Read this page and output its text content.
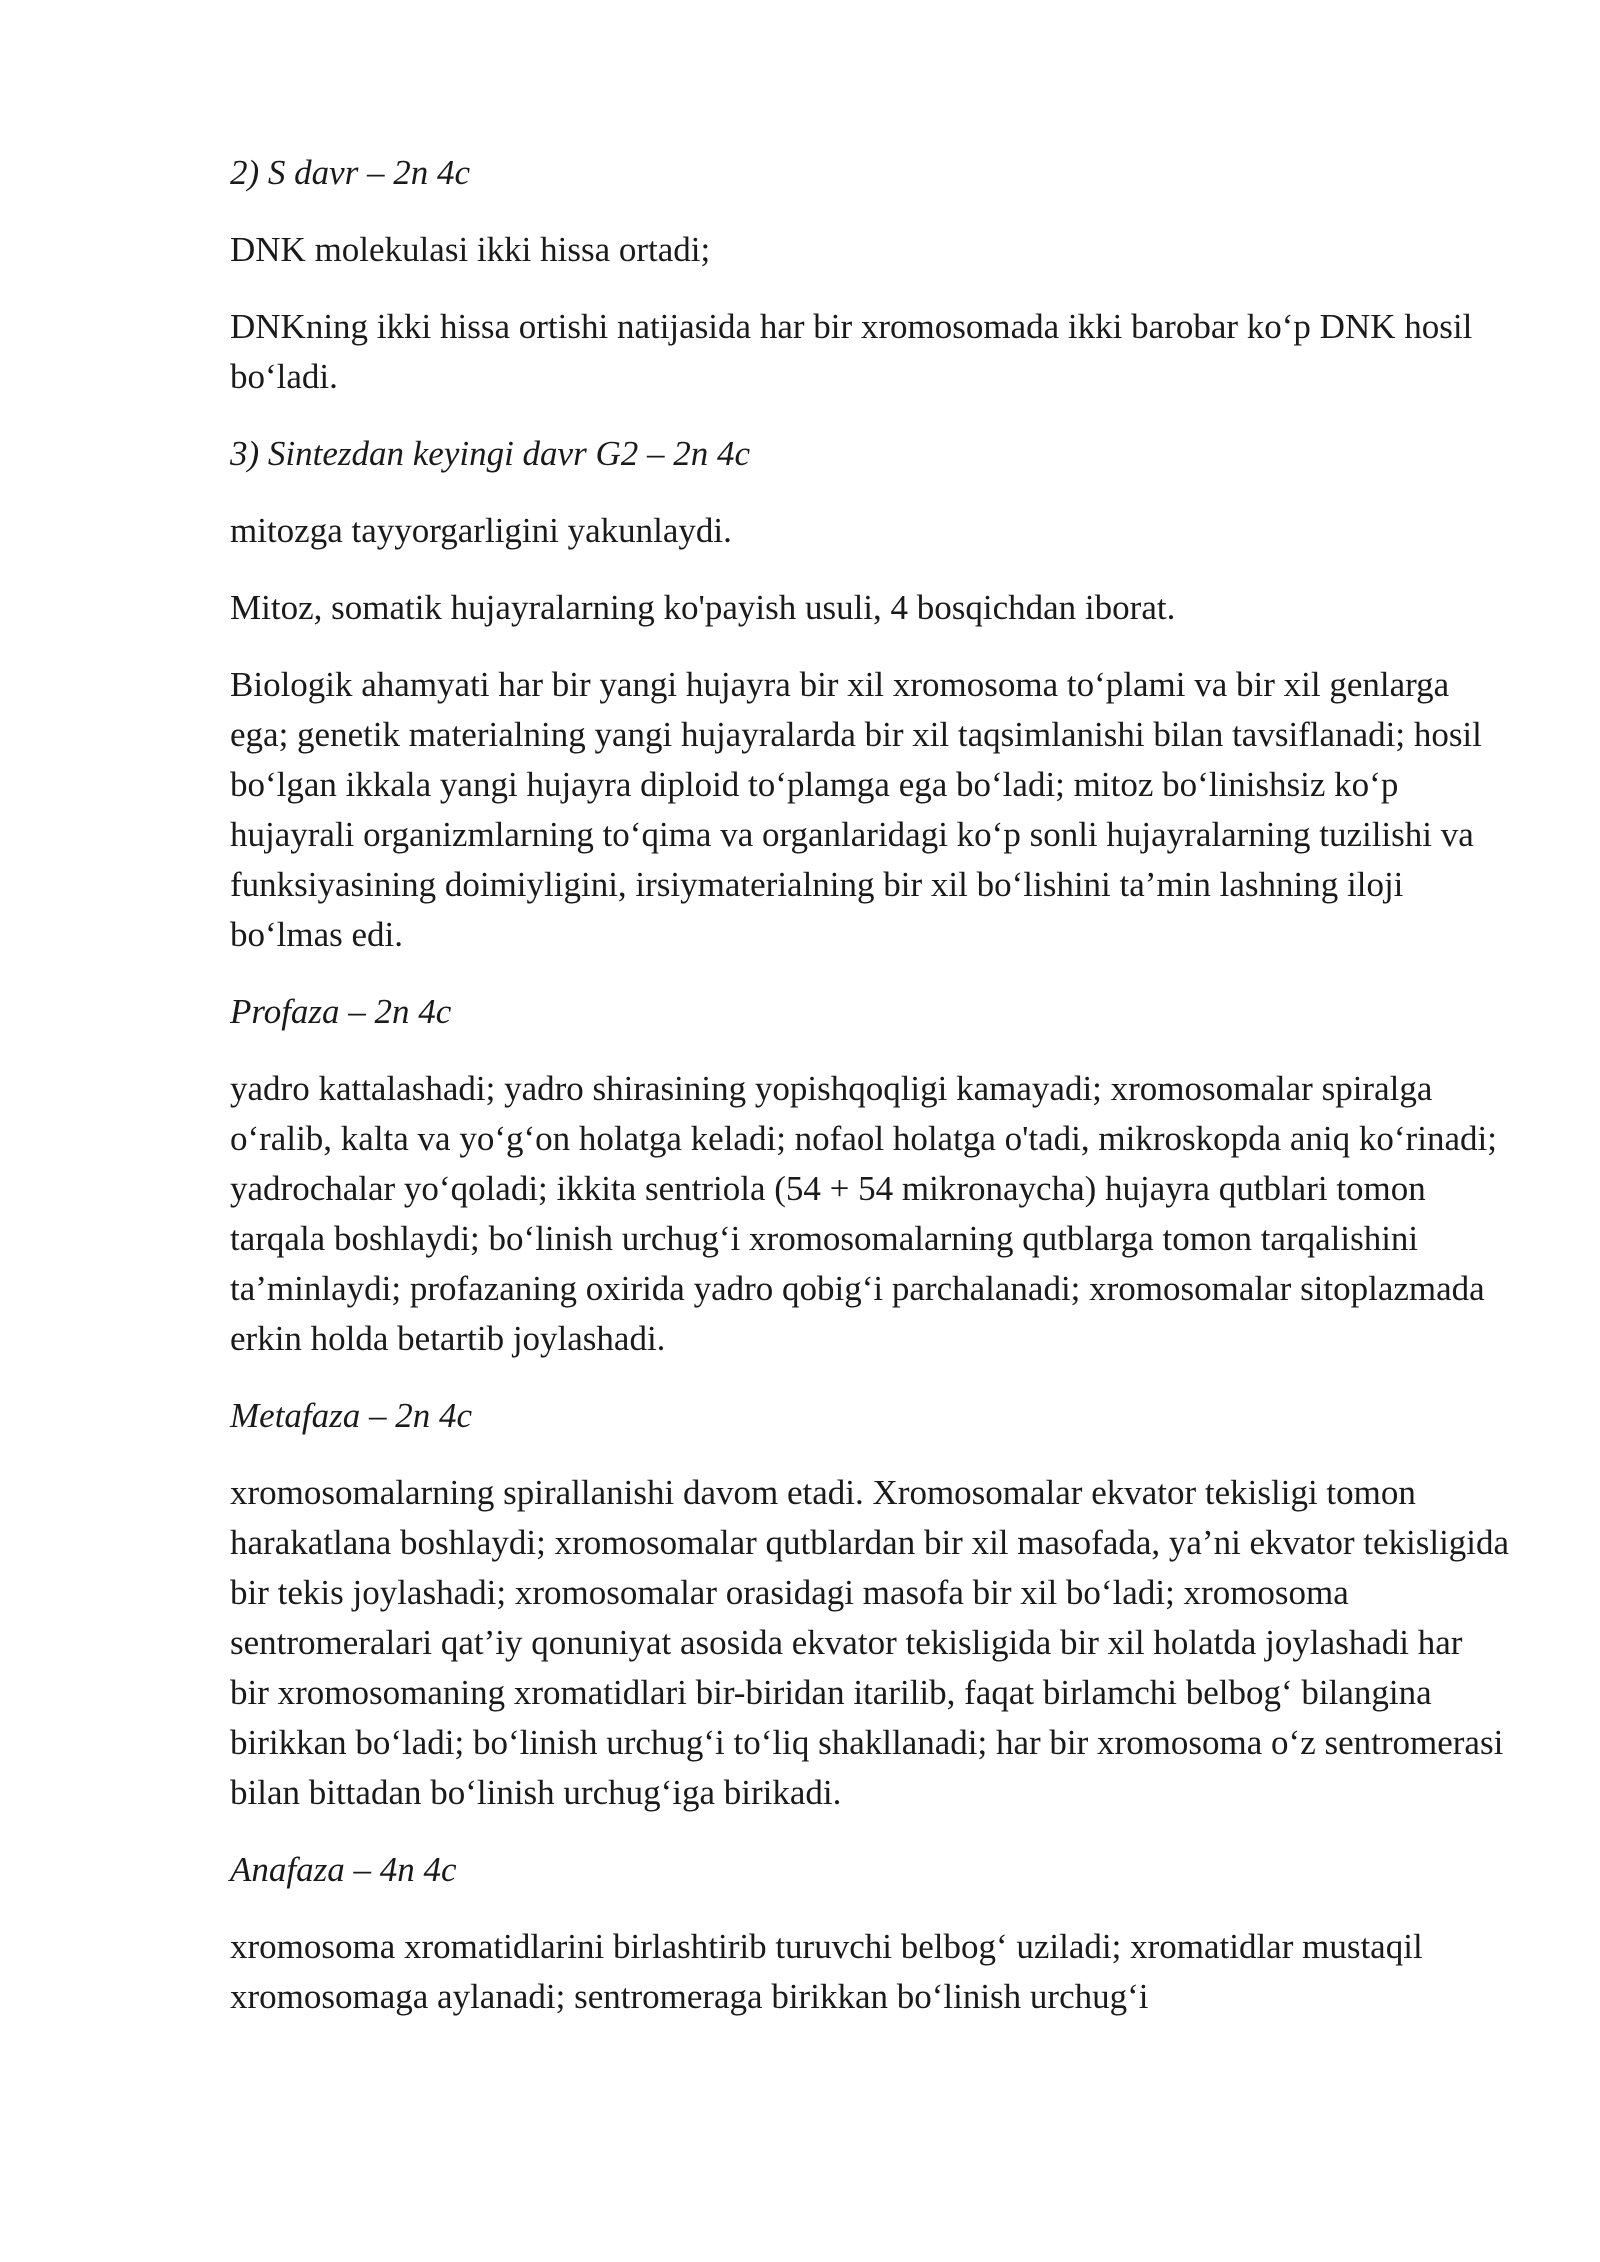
2) S davr – 2n 4c

DNK molekulasi ikki hissa ortadi;

DNKning ikki hissa ortishi natijasida har bir xromosomada ikki barobar ko‘p DNK hosil bo‘ladi.

3) Sintezdan keyingi davr G2 – 2n 4c

mitozga tayyorgarligini yakunlaydi.

Mitoz, somatik hujayralarning ko'payish usuli, 4 bosqichdan iborat.

Biologik ahamyati har bir yangi hujayra bir xil xromosoma to‘plami va bir xil genlarga ega; genetik materialning yangi hujayralarda bir xil taqsimlanishi bilan tavsiflanadi; hosil bo‘lgan ikkala yangi hujayra diploid to‘plamga ega bo‘ladi; mitoz bo‘linishsiz ko‘p hujayrali organizmlarning to‘qima va organlaridagi ko‘p sonli hujayralarning tuzilishi va funksiyasining doimiyligini, irsiymaterialning bir xil bo‘lishini ta’min lashning iloji bo‘lmas edi.

Profaza – 2n 4c

yadro kattalashadi; yadro shirasining yopishqoqligi kamayadi; xromosomalar spiralga o‘ralib, kalta va yo‘g‘on holatga keladi; nofaol holatga o'tadi, mikroskopda aniq ko‘rinadi; yadrochalar yo‘qoladi; ikkita sentriola (54 + 54 mikronaycha) hujayra qutblari tomon tarqala boshlaydi; bo‘linish urchug‘i xromosomalarning qutblarga tomon tarqalishini ta’minlaydi; profazaning oxirida yadro qobig‘i parchalanadi; xromosomalar sitoplazmada erkin holda betartib joylashadi.

Metafaza – 2n 4c

xromosomalarning spirallanishi davom etadi. Xromosomalar ekvator tekisligi tomon harakatlana boshlaydi; xromosomalar qutblardan bir xil masofada, ya’ni ekvator tekisligida bir tekis joylashadi; xromosomalar orasidagi masofa bir xil bo‘ladi; xromosoma sentromeralari qat’iy qonuniyat asosida ekvator tekisligida bir xil holatda joylashadi har bir xromosomaning xromatidlari bir-biridan itarilib, faqat birlamchi belbog‘ bilangina birikkan bo‘ladi; bo‘linish urchug‘i to‘liq shakllanadi; har bir xromosoma o‘z sentromerasi bilan bittadan bo‘linish urchug‘iga birikadi.

Anafaza – 4n 4c

xromosoma xromatidlarini birlashtirib turuvchi belbog‘ uziladi; xromatidlar mustaqil xromosomaga aylanadi; sentromeraga birikkan bo‘linish urchug‘i
